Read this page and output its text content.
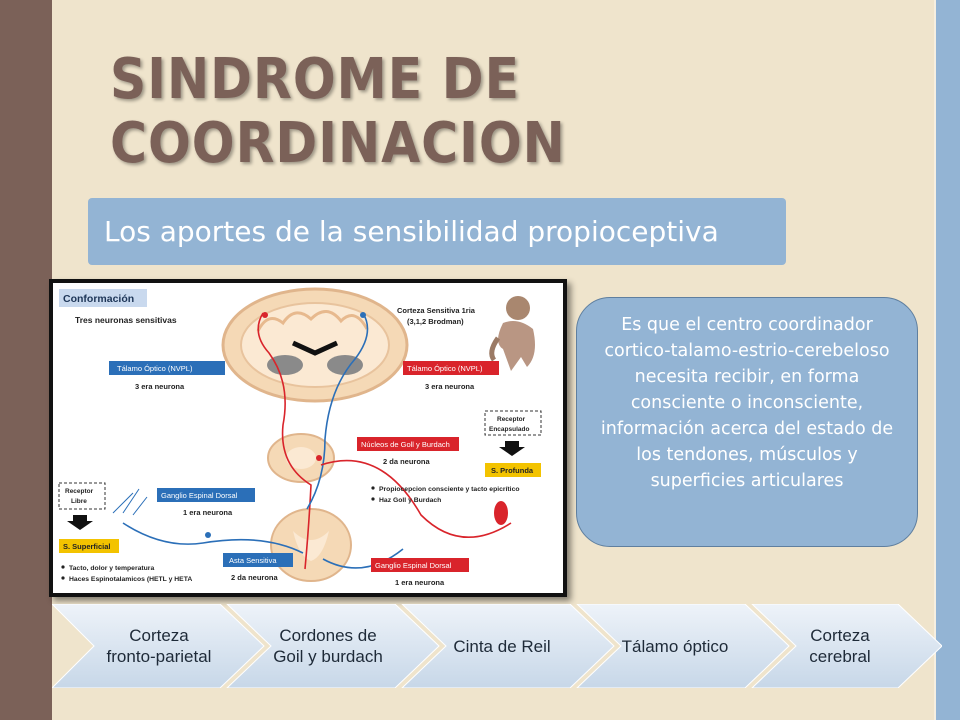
SINDROME DE
COORDINACION
Los aportes de la sensibilidad propioceptiva
Conformación
Tres neuronas sensitivas
Corteza Sensitiva 1ria
(3,1,2 Brodman)
Tálamo Óptico (NVPL)
3 era neurona
Tálamo Óptico (NVPL)
3 era neurona
Receptor
Encapsulado
Núcleos de Goll y Burdach
2 da neurona
S. Profunda
Propiocepcion consciente y tacto epicrítico
Haz Goll y Burdach
Receptor
Libre
Ganglio Espinal Dorsal
1 era neurona
S. Superficial
Asta Sensitiva
2 da neurona
Tacto, dolor y temperatura
Haces Espinotalamicos (HETL y HETA
Ganglio Espinal Dorsal
1 era neurona
Es que el centro coordinador cortico-talamo-estrio-cerebeloso necesita recibir, en forma consciente o inconsciente, información acerca del estado de los tendones, músculos y superficies articulares
Corteza fronto-parietal
Cordones de Goil y burdach
Cinta de Reil	Tálamo óptico
Corteza cerebral
